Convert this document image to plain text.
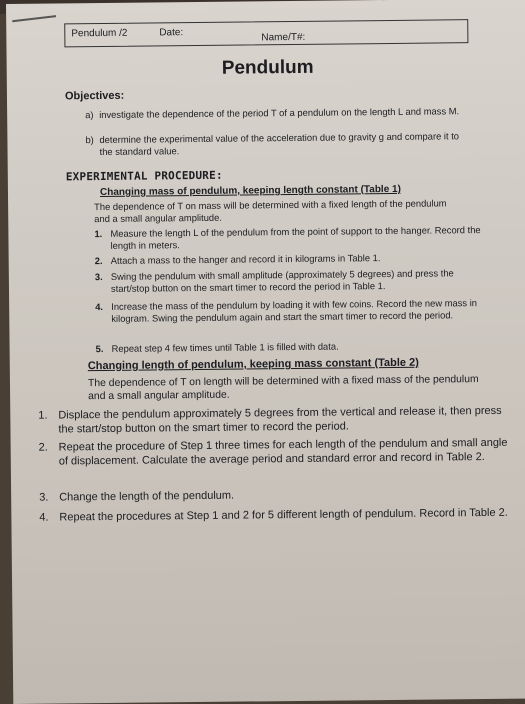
Pendulum /2	Date:	Name/T#:
Pendulum
Objectives:
a) investigate the dependence of the period T of a pendulum on the length L and mass M.
b) determine the experimental value of the acceleration due to gravity g and compare it to the standard value.
EXPERIMENTAL PROCEDURE:
Changing mass of pendulum, keeping length constant (Table 1)
The dependence of T on mass will be determined with a fixed length of the pendulum and a small angular amplitude.
1. Measure the length L of the pendulum from the point of support to the hanger. Record the length in meters.
2. Attach a mass to the hanger and record it in kilograms in Table 1.
3. Swing the pendulum with small amplitude (approximately 5 degrees) and press the start/stop button on the smart timer to record the period in Table 1.
4. Increase the mass of the pendulum by loading it with few coins. Record the new mass in kilogram. Swing the pendulum again and start the smart timer to record the period.
5. Repeat step 4 few times until Table 1 is filled with data.
Changing length of pendulum, keeping mass constant (Table 2)
The dependence of T on length will be determined with a fixed mass of the pendulum and a small angular amplitude.
1. Displace the pendulum approximately 5 degrees from the vertical and release it, then press the start/stop button on the smart timer to record the period.
2. Repeat the procedure of Step 1 three times for each length of the pendulum and small angle of displacement. Calculate the average period and standard error and record in Table 2.
3. Change the length of the pendulum.
4. Repeat the procedures at Step 1 and 2 for 5 different length of pendulum. Record in Table 2.
